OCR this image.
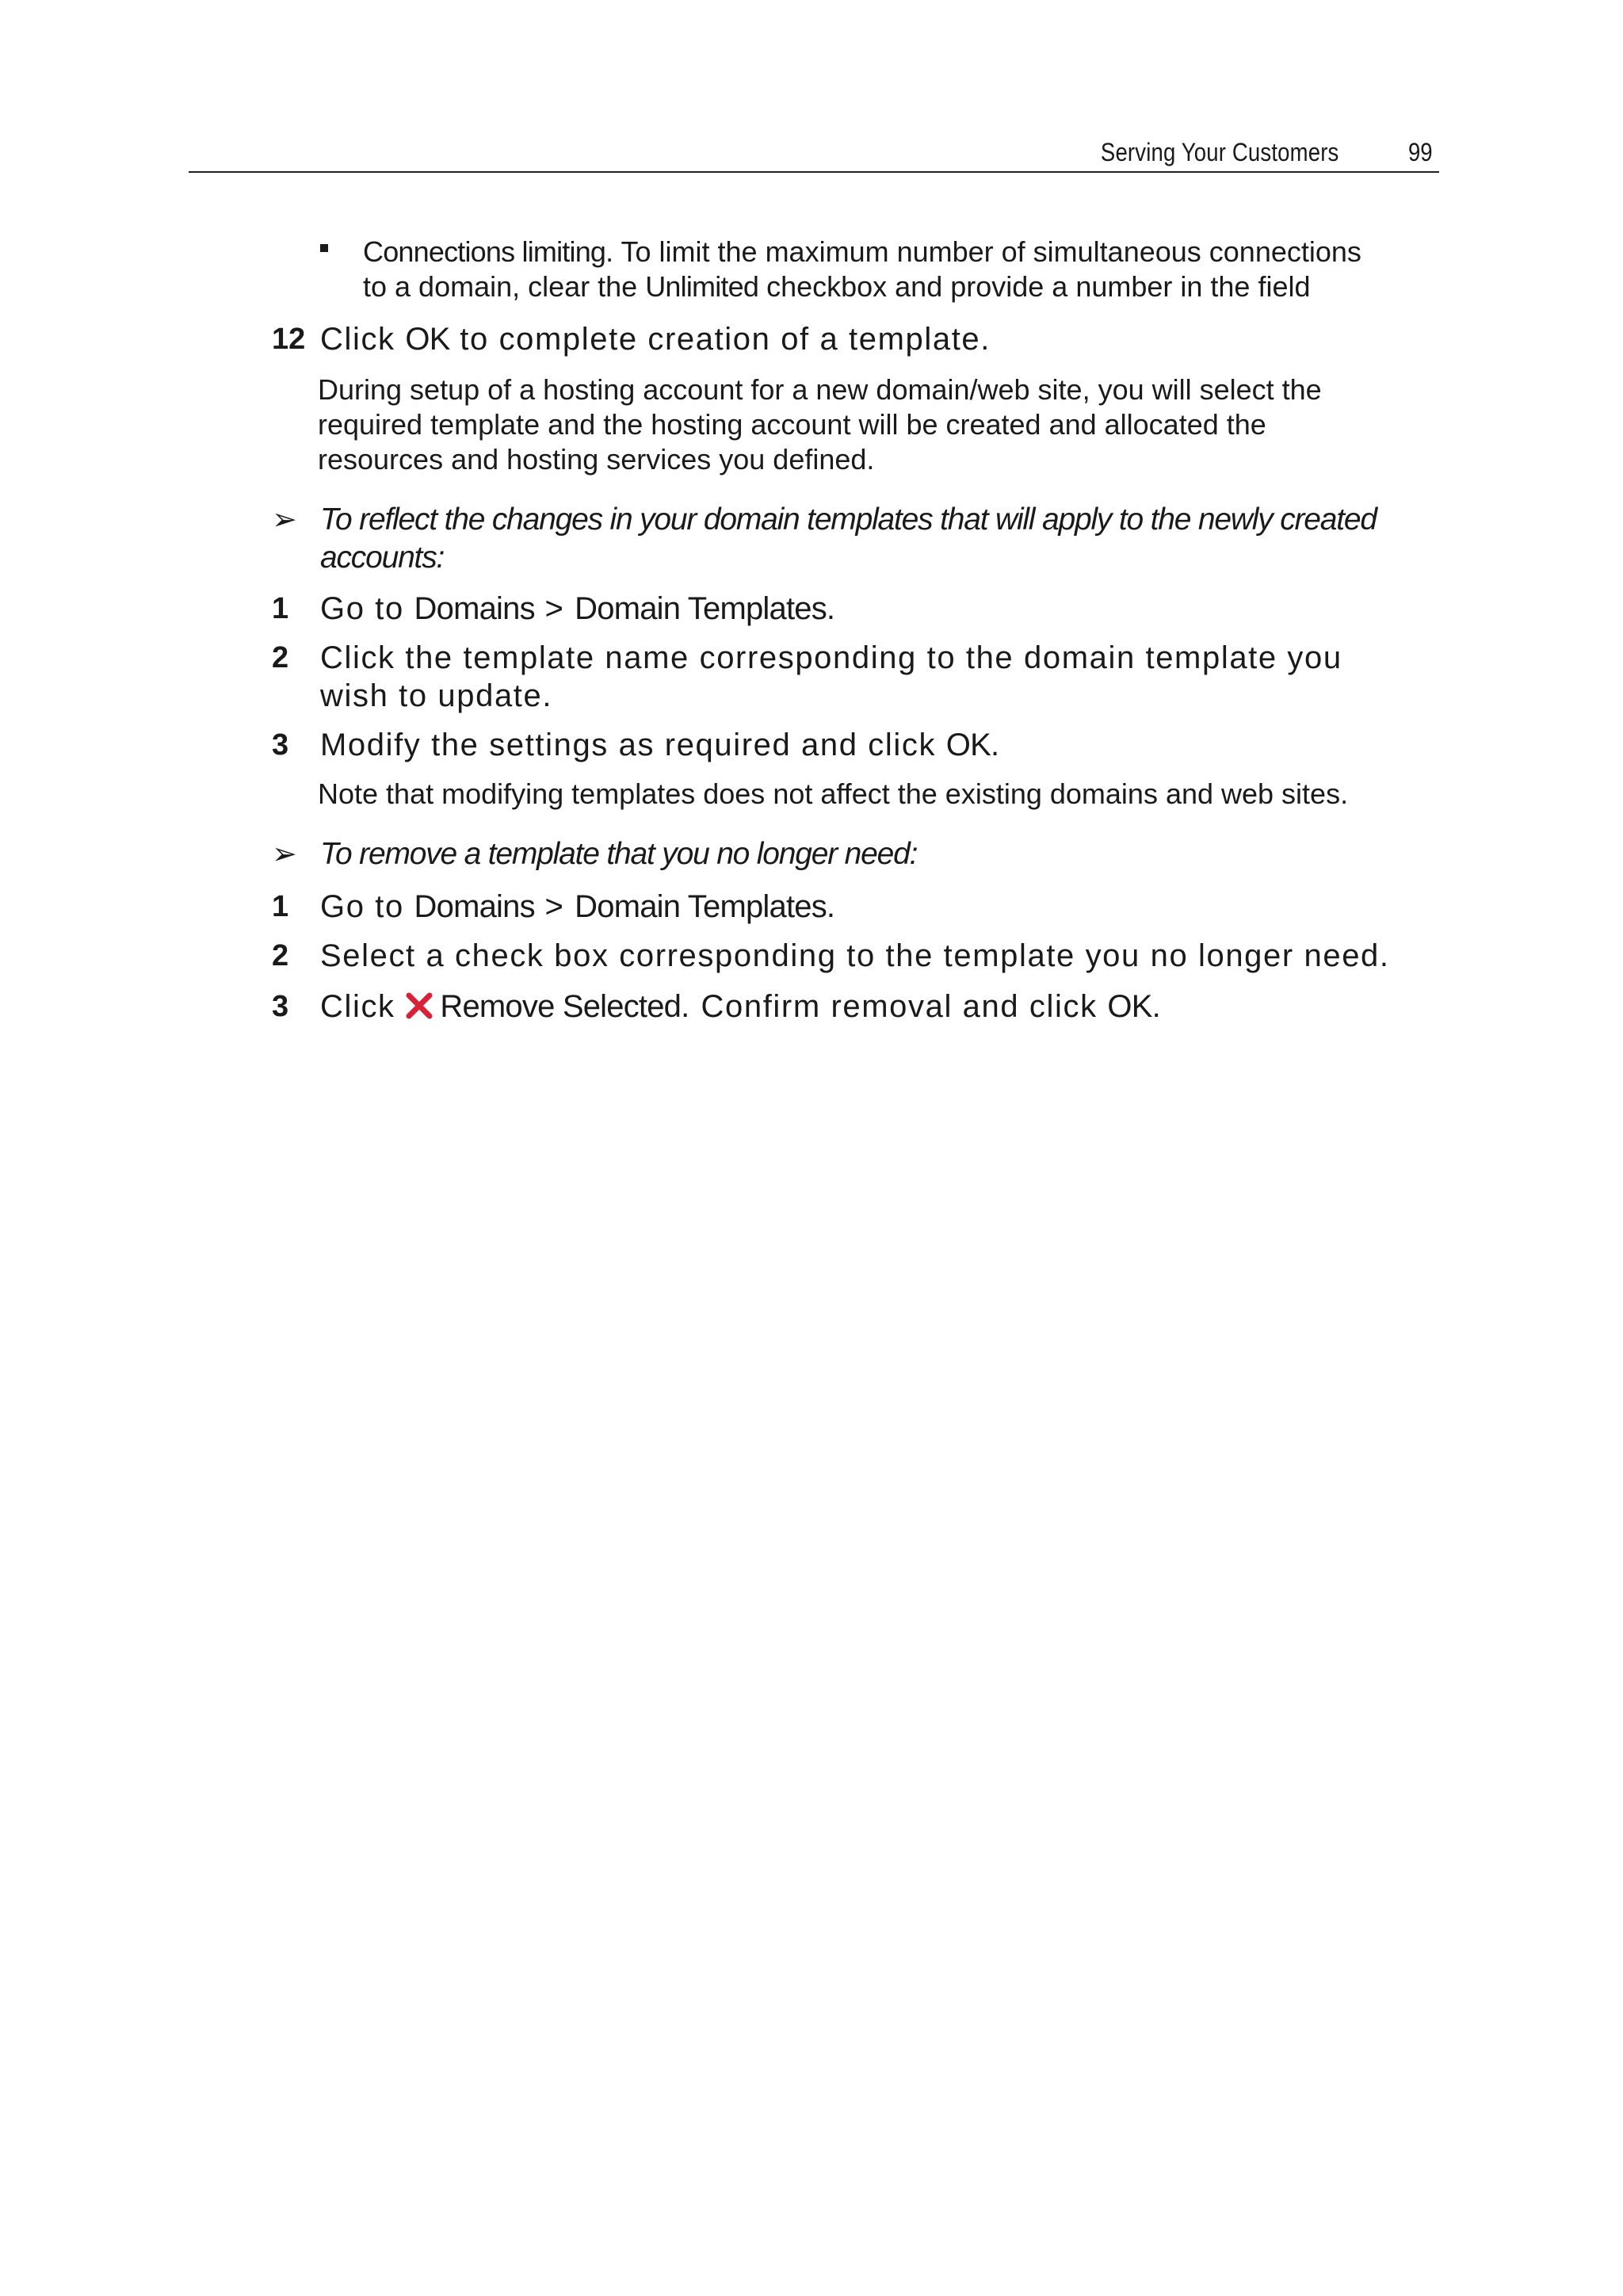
Serving Your Customers	99
Connections limiting. To limit the maximum number of simultaneous connections
to a domain, clear the Unlimited checkbox and provide a number in the field
12 Click OK to complete creation of a template.
During setup of a hosting account for a new domain/web site, you will select the
required template and the hosting account will be created and allocated the
resources and hosting services you defined.
➢ To reflect the changes in your domain templates that will apply to the newly created
accounts:
1 Go to Domains > Domain Templates.
2 Click the template name corresponding to the domain template you
wish to update.
3 Modify the settings as required and click OK.
Note that modifying templates does not affect the existing domains and web sites.
➢ To remove a template that you no longer need:
1 Go to Domains > Domain Templates.
2 Select a check box corresponding to the template you no longer need.
3 Click Remove Selected. Confirm removal and click OK.
